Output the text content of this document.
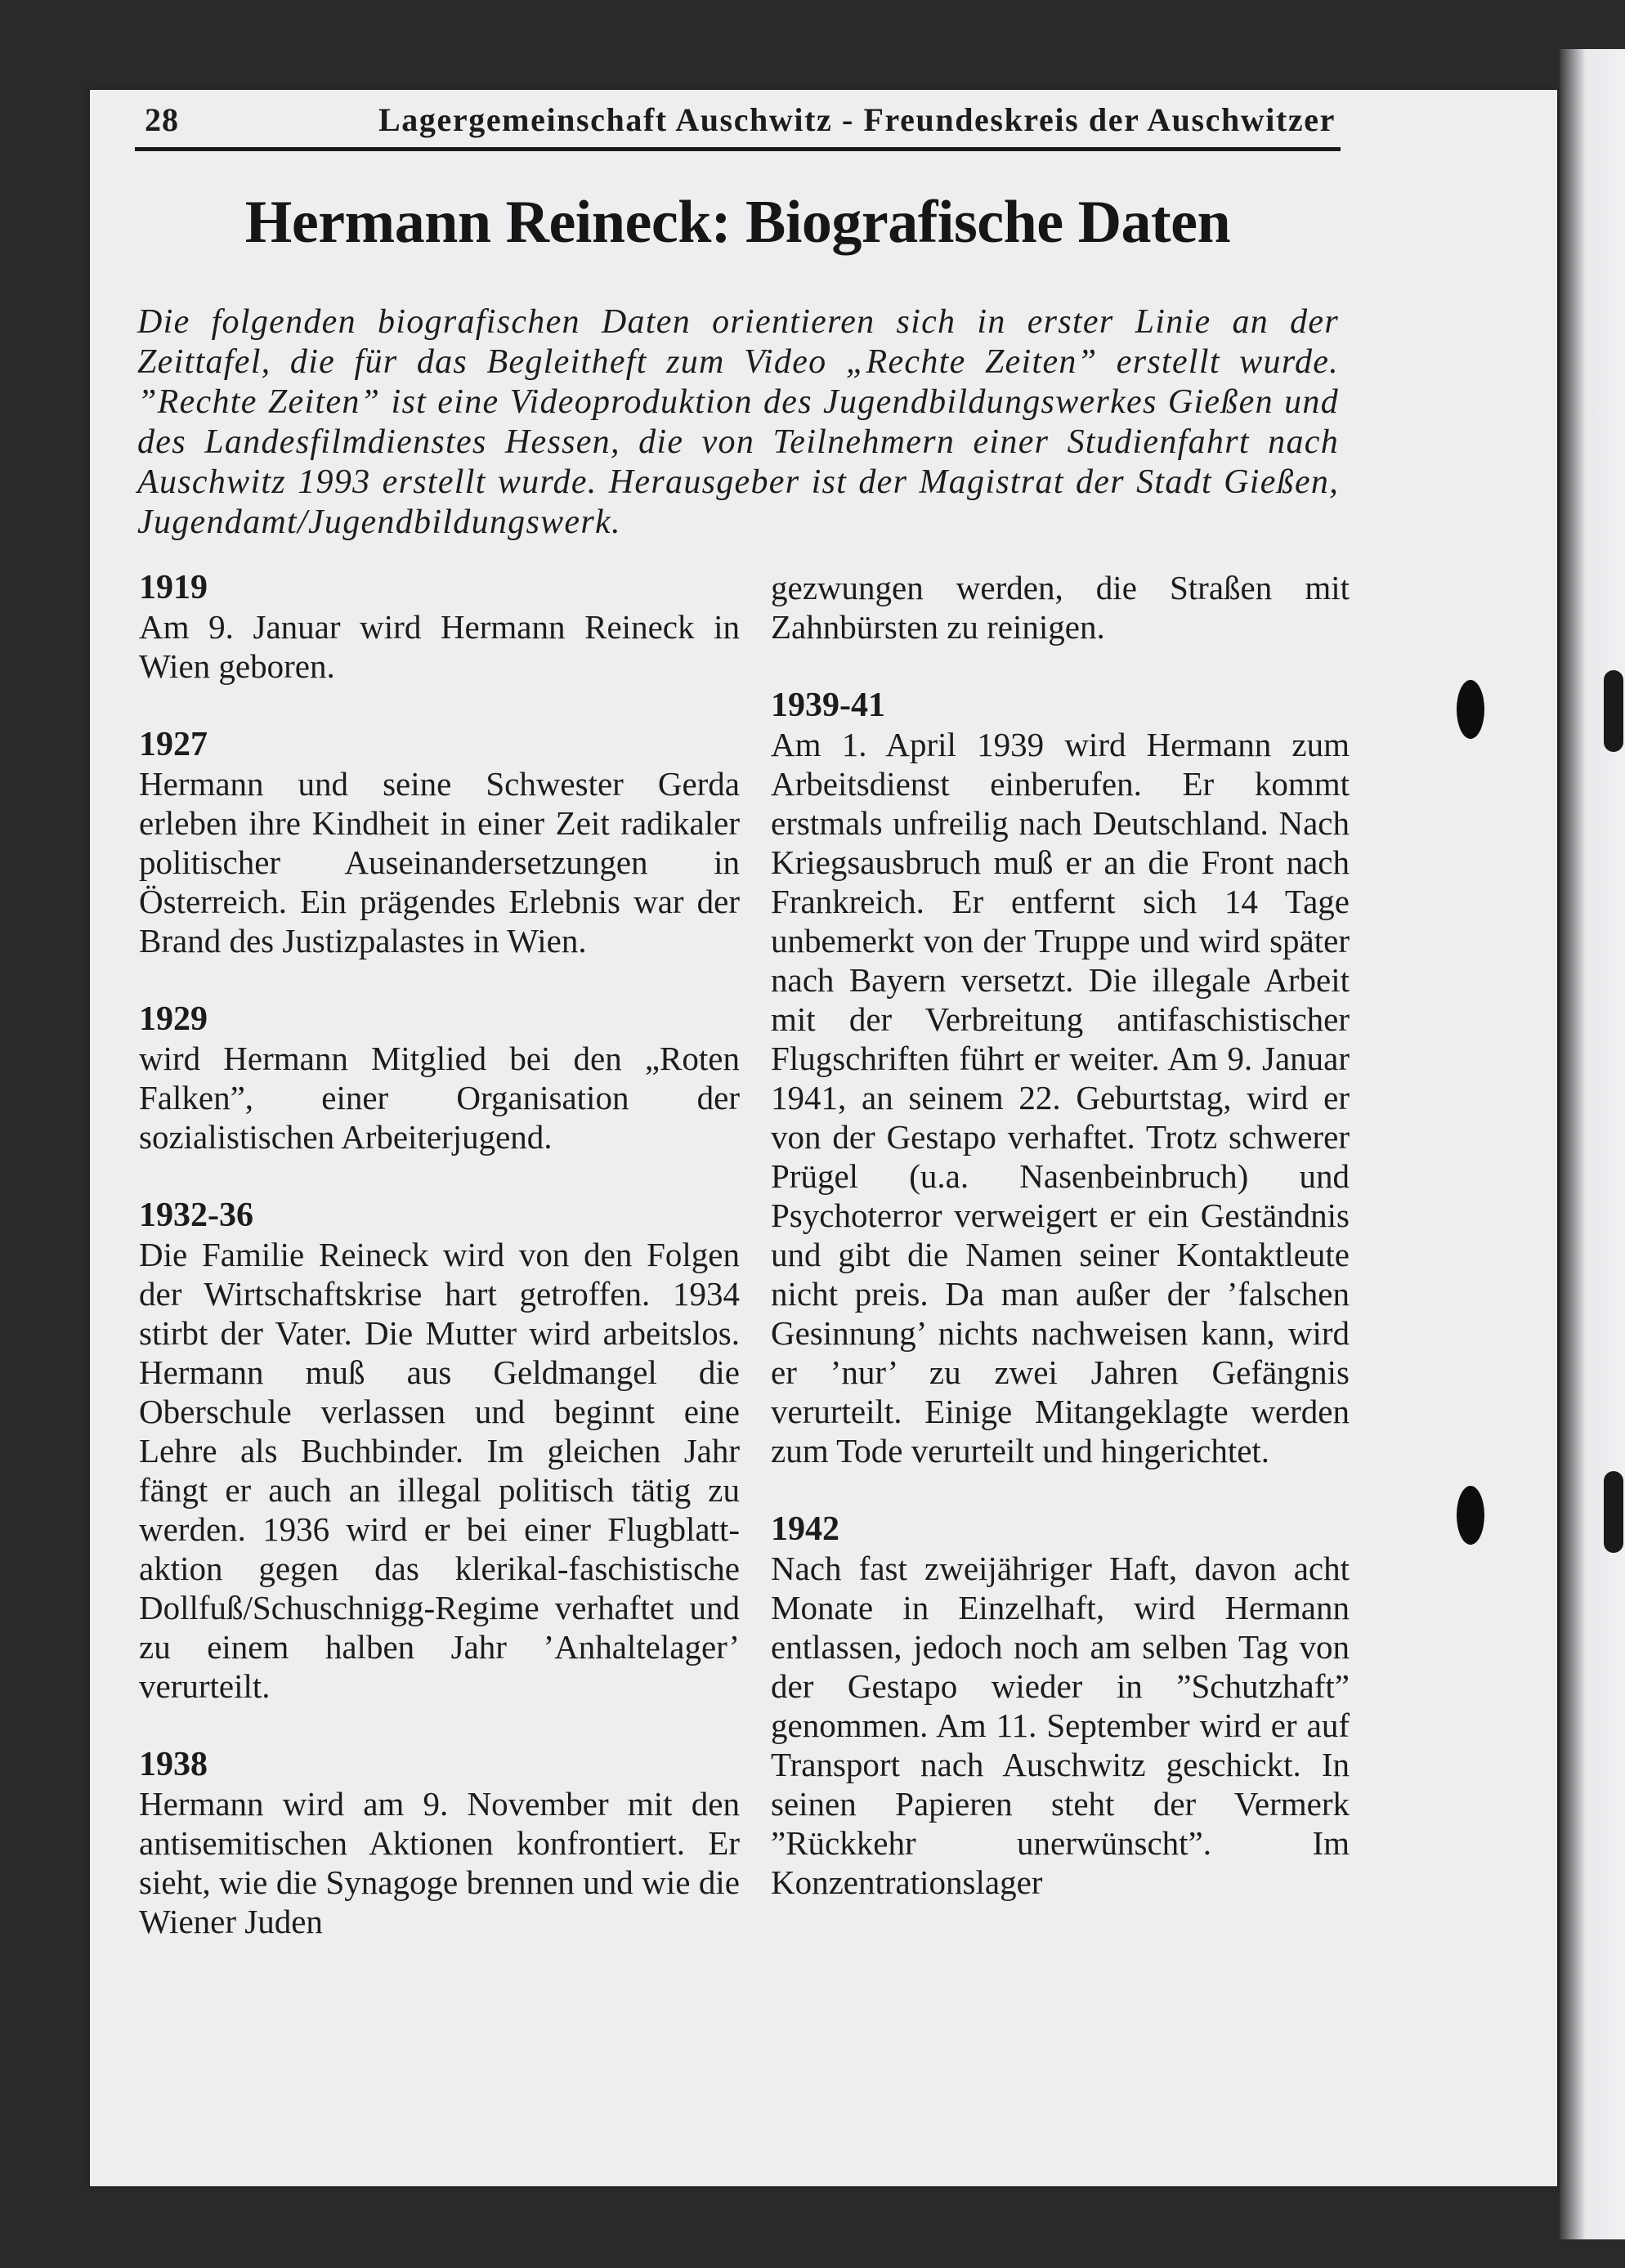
28	Lagergemeinschaft Auschwitz - Freundeskreis der Auschwitzer
Hermann Reineck: Biografische Daten

Die folgenden biografischen Daten orientieren sich in erster Linie an der Zeittafel, die für das Begleitheft zum Video „Rechte Zeiten” erstellt wurde. ”Rechte Zeiten” ist eine Videoproduktion des Jugendbildungswerkes Gießen und des Landesfilmdienstes Hessen, die von Teilnehmern einer Studienfahrt nach Auschwitz 1993 erstellt wurde. Herausgeber ist der Magistrat der Stadt Gießen, Jugendamt/Jugendbildungswerk.

1919

Am 9. Januar wird Hermann Reineck in Wien geboren.

1927

Hermann und seine Schwester Gerda erleben ihre Kindheit in einer Zeit radikaler politischer Auseinandersetzungen in Österreich. Ein prägendes Erlebnis war der Brand des Justizpalastes in Wien.

1929

wird Hermann Mitglied bei den „Roten Falken”, einer Organisation der sozialistischen Arbeiterjugend.

1932-36

Die Familie Reineck wird von den Folgen der Wirtschaftskrise hart getroffen. 1934 stirbt der Vater. Die Mutter wird arbeitslos. Hermann muß aus Geldmangel die Oberschule verlassen und beginnt eine Lehre als Buchbinder. Im gleichen Jahr fängt er auch an illegal politisch tätig zu werden. 1936 wird er bei einer Flugblattaktion gegen das klerikal-faschistische Dollfuß/Schuschnigg-Regime verhaftet und zu einem halben Jahr ’Anhaltelager’ verurteilt.

1938

Hermann wird am 9. November mit den antisemitischen Aktionen konfrontiert. Er sieht, wie die Synagoge brennen und wie die Wiener Juden

gezwungen werden, die Straßen mit Zahnbürsten zu reinigen.

1939-41

Am 1. April 1939 wird Hermann zum Arbeitsdienst einberufen. Er kommt erstmals unfreilig nach Deutschland. Nach Kriegsausbruch muß er an die Front nach Frankreich. Er entfernt sich 14 Tage unbemerkt von der Truppe und wird später nach Bayern versetzt. Die illegale Arbeit mit der Verbreitung antifaschistischer Flugschriften führt er weiter. Am 9. Januar 1941, an seinem 22. Geburtstag, wird er von der Gestapo verhaftet. Trotz schwerer Prügel (u.a. Nasenbeinbruch) und Psychoterror verweigert er ein Geständnis und gibt die Namen seiner Kontaktleute nicht preis. Da man außer der ’falschen Gesinnung’ nichts nachweisen kann, wird er ’nur’ zu zwei Jahren Gefängnis verurteilt. Einige Mitangeklagte werden zum Tode verurteilt und hingerichtet.

1942

Nach fast zweijähriger Haft, davon acht Monate in Einzelhaft, wird Hermann entlassen, jedoch noch am selben Tag von der Gestapo wieder in ”Schutzhaft” genommen. Am 11. September wird er auf Transport nach Auschwitz geschickt. In seinen Papieren steht der Vermerk ”Rückkehr unerwünscht”. Im Konzentrationslager
